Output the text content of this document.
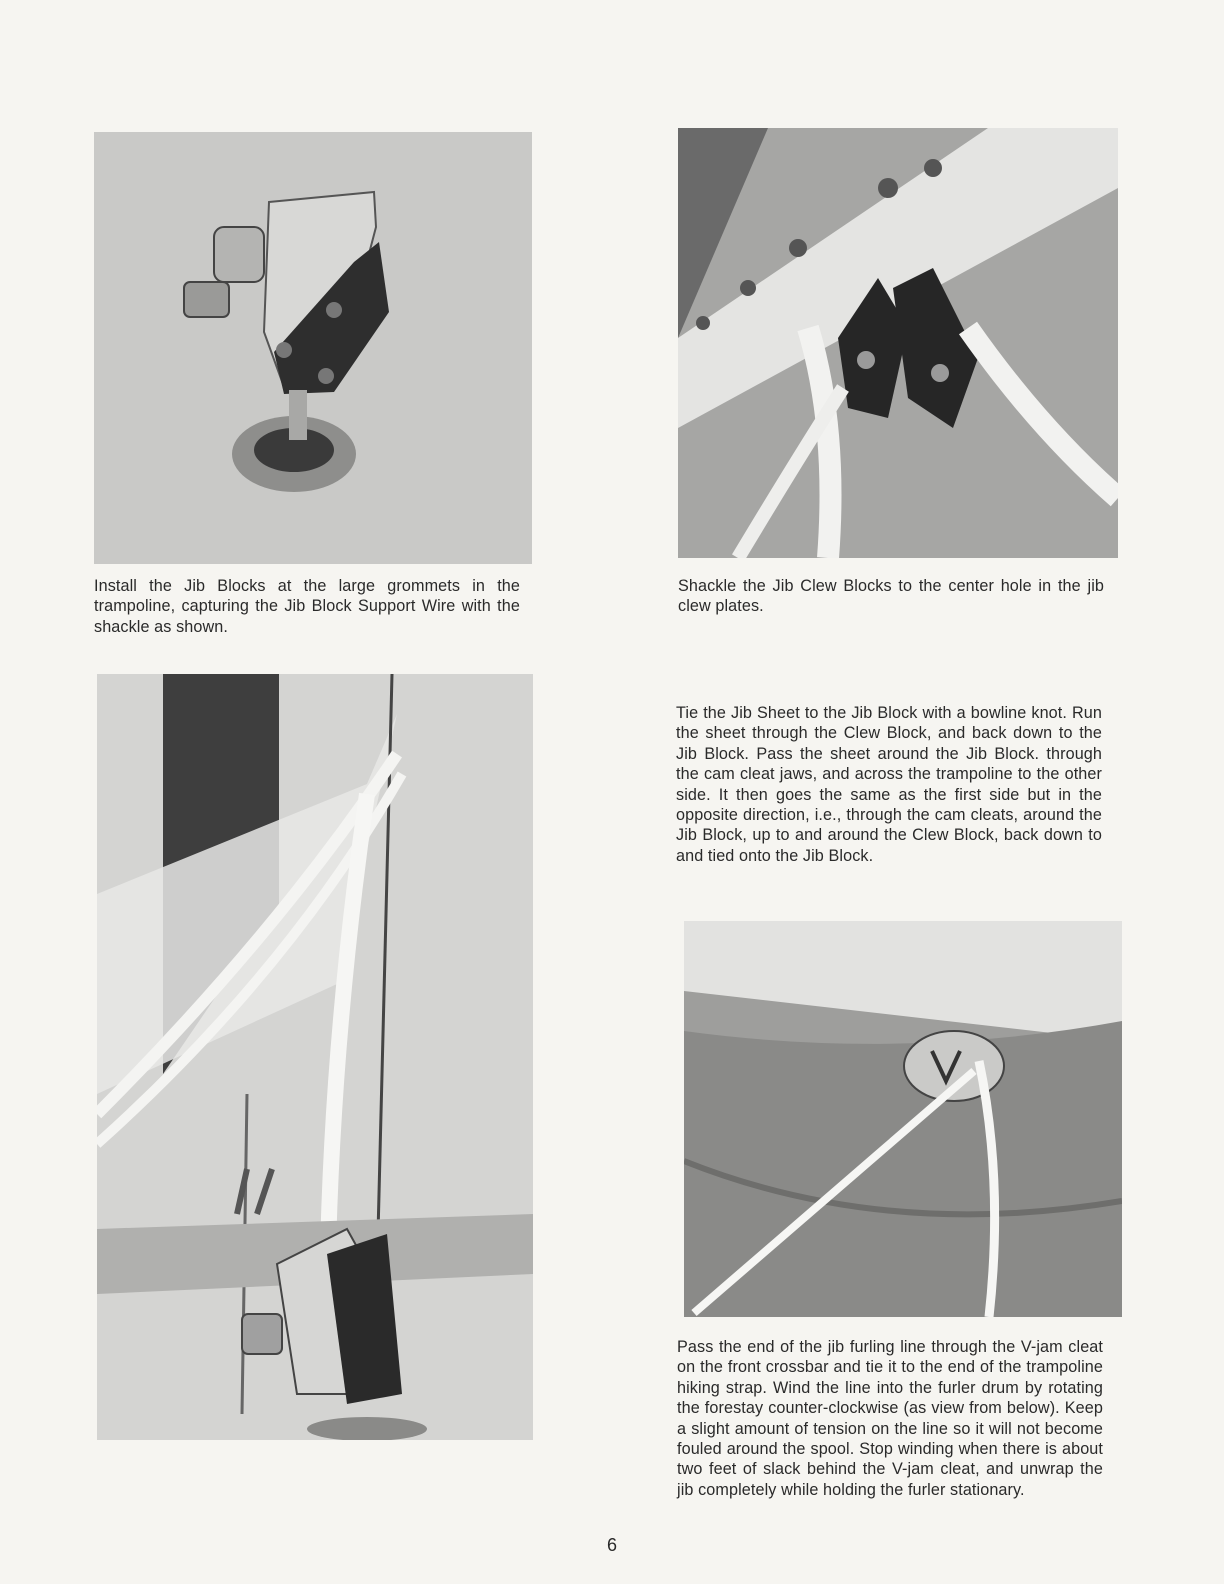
Install the Jib Blocks at the large grommets in the trampoline, capturing the Jib Block Support Wire with the shackle as shown.

Shackle the Jib Clew Blocks to the center hole in the jib clew plates.

Tie the Jib Sheet to the Jib Block with a bowline knot. Run the sheet through the Clew Block, and back down to the Jib Block. Pass the sheet around the Jib Block. through the cam cleat jaws, and across the trampoline to the other side. It then goes the same as the first side but in the opposite direction, i.e., through the cam cleats, around the Jib Block, up to and around the Clew Block, back down to and tied onto the Jib Block.

Pass the end of the jib furling line through the V-jam cleat on the front crossbar and tie it to the end of the trampoline hiking strap. Wind the line into the furler drum by rotating the forestay counter-clockwise (as view from below). Keep a slight amount of tension on the line so it will not become fouled around the spool. Stop winding when there is about two feet of slack behind the V-jam cleat, and unwrap the jib completely while holding the furler stationary.

6
